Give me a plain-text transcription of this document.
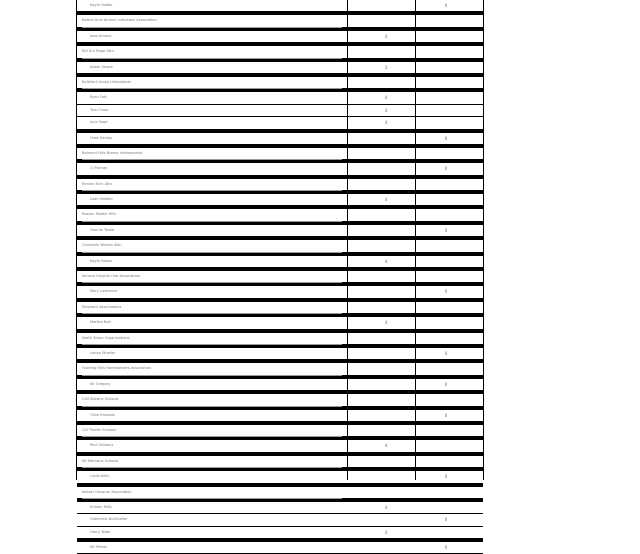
Kayla Hobbs	0
Bethel Univ Alumni Inductees Association
Jessi Jimeno	4
Bel Arn Rage Attn
Adam Shope	3
Bellefort Grasp Unbeatable
Ryan Fatt	4
Tom Cross	4
Julia Sage	4
Hunt Hersey	0
Belmont Hills Breast Independent
CJ Murray	0
Benton Elec Attn
Leah Hadder	4
Boston Middle Hills
Ounnie Tester	0
Clarkdale Wolves Attn
Kayla Fawns	4
Seneca Heights Hub Association
Mary Lawrence	0
Elephant Associations
Martha Bolt	4
North Shore Organizations
Lenae Wheiler	0
Hunting Hills Homeowners Association
Kit Gregory	0
CAS Browns Schools
Olive Knowles	0
CJS Tiedler Schools
Paul Gibbons	4
Kit Mentoris Schools
Linda Kelly	0
Kakoel Gesprun Association
Kristen Mills	4
Catherine Burkhalter	0
Harry Tolbe	4
Kit Peters	0
